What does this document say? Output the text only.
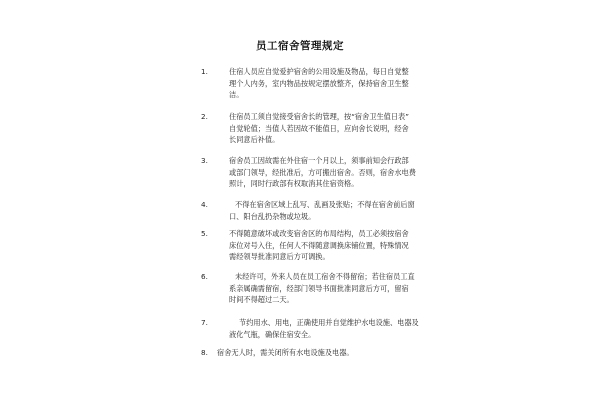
员工宿舍管理规定
1.	住宿人员应自觉爱护宿舍的公用设施及物品，每日自觉整
理个人内务，室内物品按规定摆放整齐，保持宿舍卫生整
洁。
2.	住宿员工须自觉接受宿舍长的管理，按“宿舍卫生值日表”
自觉轮值；当值人若因故不能值日，应向舍长说明，经舍
长同意后补值。
3.	宿舍员工因故需在外住宿一个月以上，须事前知会行政部
或部门领导，经批准后，方可搬出宿舍。否则，宿舍水电费
照计，同时行政部有权取消其住宿资格。
4.	不得在宿舍区域上乱写、乱画及张贴；不得在宿舍前后窗
口、阳台乱扔杂物或垃圾。
5.	不得随意破坏或改变宿舍区的布局结构，员工必须按宿舍
床位对号入住，任何人不得随意调换床铺位置，特殊情况
需经领导批准同意后方可调换。
6.	未经许可，外来人员在员工宿舍不得留宿；若住宿员工直
系亲属确需留宿，经部门领导书面批准同意后方可，留宿
时间不得超过二天。
7.	节约用水、用电，正确使用并自觉维护水电设施、电器及
液化气瓶，确保住宿安全。
8.	宿舍无人时，需关闭所有水电设施及电器。
